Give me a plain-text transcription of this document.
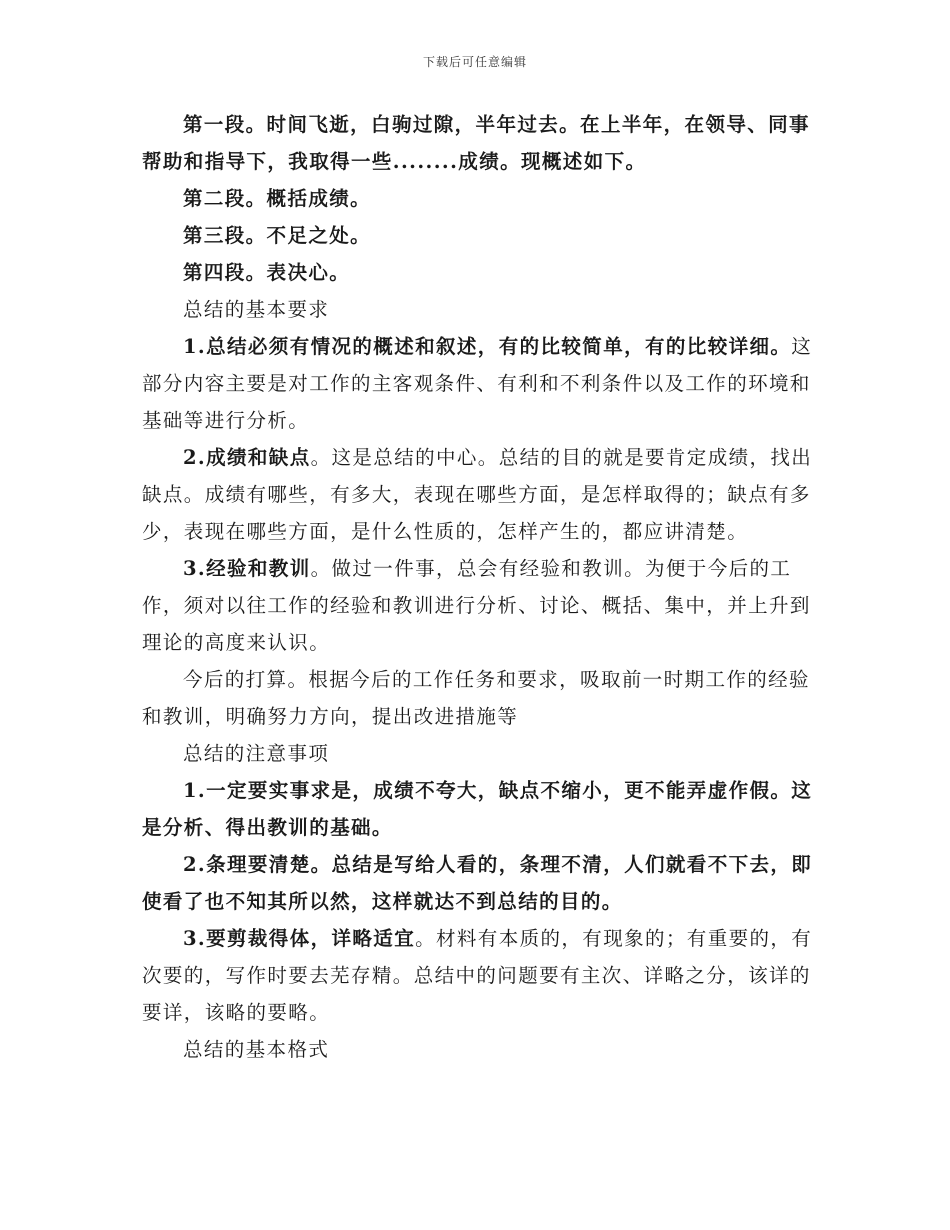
下载后可任意编辑

第一段。时间飞逝，白驹过隙，半年过去。在上半年，在领导、同事帮助和指导下，我取得一些........成绩。现概述如下。

第二段。概括成绩。

第三段。不足之处。

第四段。表决心。

总结的基本要求

1.总结必须有情况的概述和叙述，有的比较简单，有的比较详细。这部分内容主要是对工作的主客观条件、有利和不利条件以及工作的环境和基础等进行分析。

2.成绩和缺点。这是总结的中心。总结的目的就是要肯定成绩，找出缺点。成绩有哪些，有多大，表现在哪些方面，是怎样取得的；缺点有多少，表现在哪些方面，是什么性质的，怎样产生的，都应讲清楚。

3.经验和教训。做过一件事，总会有经验和教训。为便于今后的工作，须对以往工作的经验和教训进行分析、讨论、概括、集中，并上升到理论的高度来认识。

今后的打算。根据今后的工作任务和要求，吸取前一时期工作的经验和教训，明确努力方向，提出改进措施等

总结的注意事项

1.一定要实事求是，成绩不夸大，缺点不缩小，更不能弄虚作假。这是分析、得出教训的基础。

2.条理要清楚。总结是写给人看的，条理不清，人们就看不下去，即使看了也不知其所以然，这样就达不到总结的目的。

3.要剪裁得体，详略适宜。材料有本质的，有现象的；有重要的，有次要的，写作时要去芜存精。总结中的问题要有主次、详略之分，该详的要详，该略的要略。

总结的基本格式
